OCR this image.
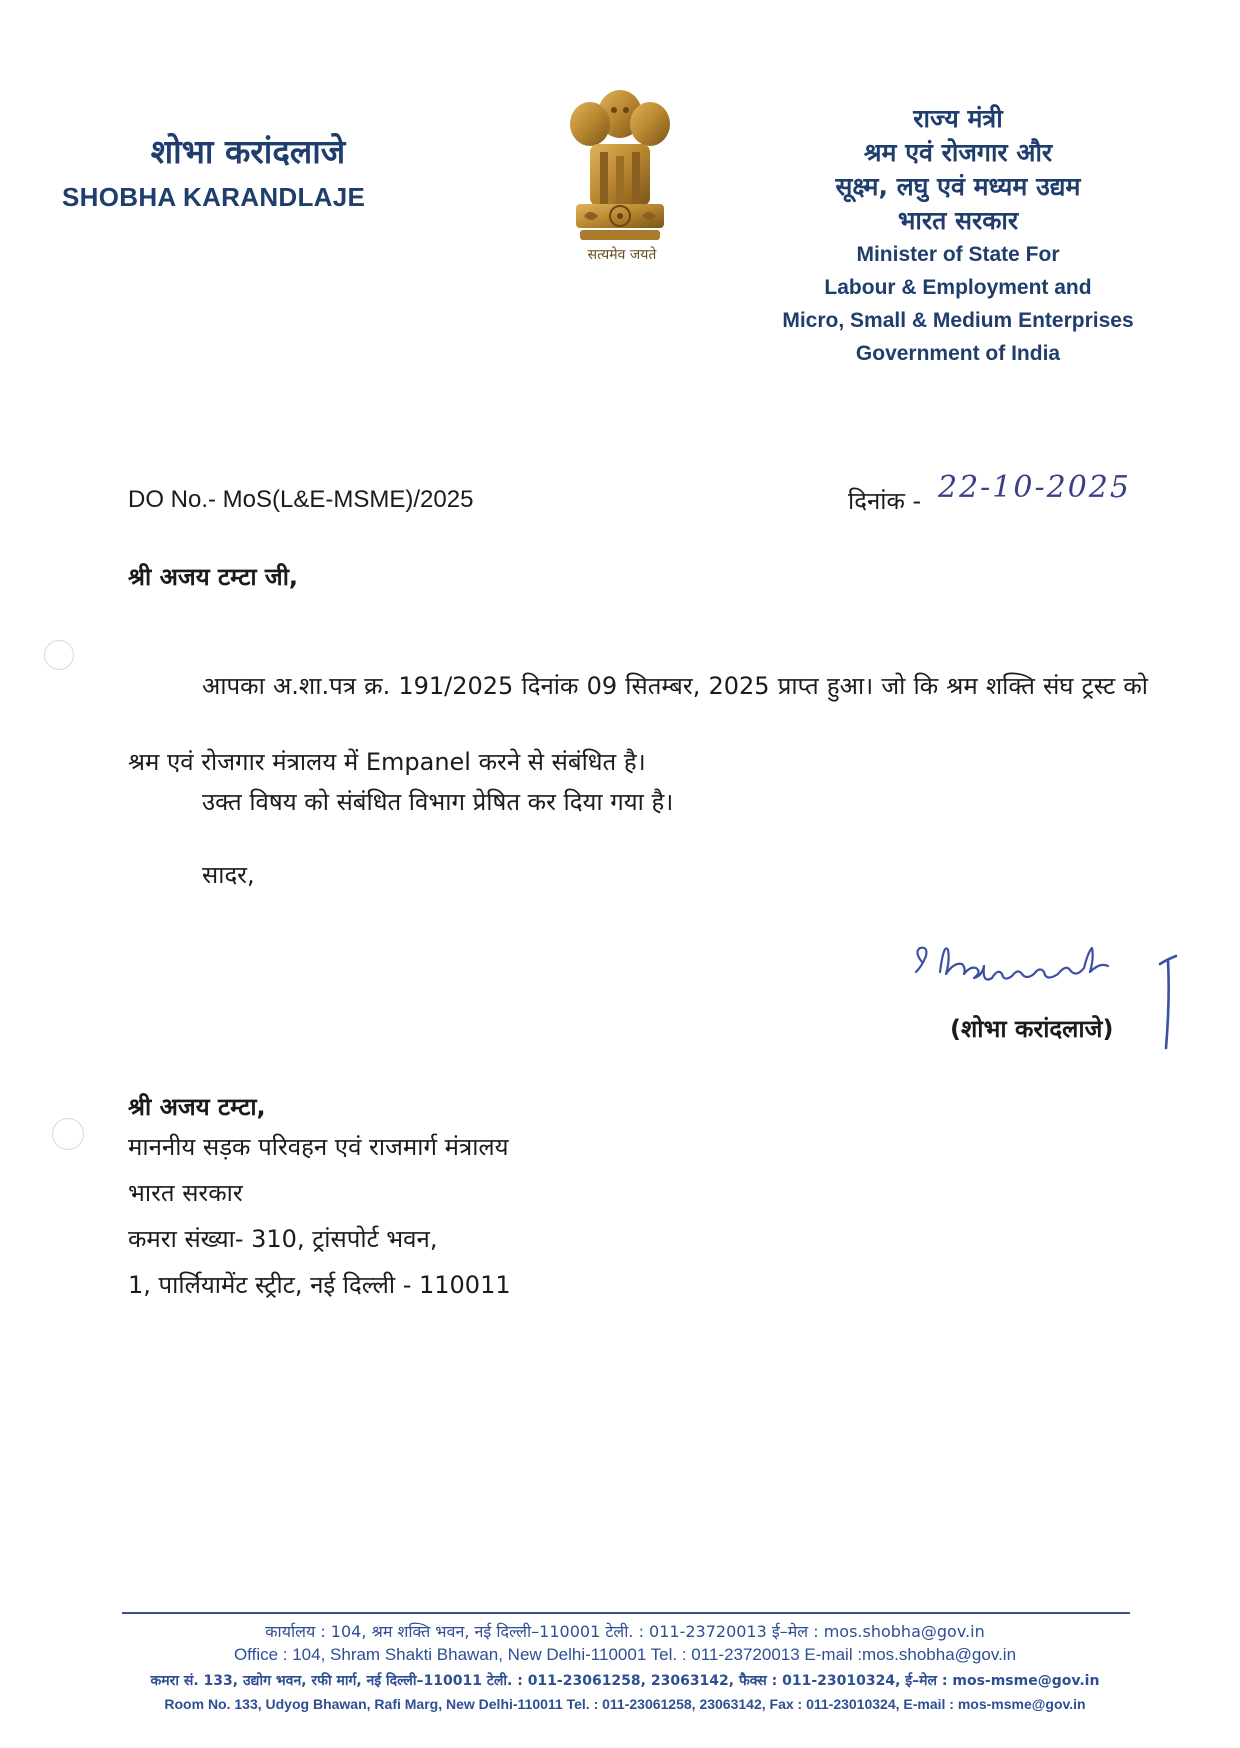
शोभा करांदलाजे
SHOBHA KARANDLAJE
सत्यमेव जयते
राज्य मंत्री
श्रम एवं रोजगार और
सूक्ष्म, लघु एवं मध्यम उद्यम
भारत सरकार
Minister of State For
Labour & Employment and
Micro, Small & Medium Enterprises
Government of India
DO No.- MoS(L&E-MSME)/2025	दिनांक - 22-10-2025
श्री अजय टम्टा जी,
आपका अ.शा.पत्र क्र. 191/2025 दिनांक 09 सितम्बर, 2025 प्राप्त हुआ। जो कि श्रम शक्ति संघ ट्रस्ट को श्रम एवं रोजगार मंत्रालय में Empanel करने से संबंधित है।
उक्त विषय को संबंधित विभाग प्रेषित कर दिया गया है।
सादर,
(शोभा करांदलाजे)
श्री अजय टम्टा,
माननीय सड़क परिवहन एवं राजमार्ग मंत्रालय
भारत सरकार
कमरा संख्या- 310, ट्रांसपोर्ट भवन,
1, पार्लियामेंट स्ट्रीट, नई दिल्ली - 110011
कार्यालय : 104, श्रम शक्ति भवन, नई दिल्ली–110001 टेली. : 011-23720013 ई–मेल : mos.shobha@gov.in
Office : 104, Shram Shakti Bhawan, New Delhi-110001 Tel. : 011-23720013 E-mail :mos.shobha@gov.in
कमरा सं. 133, उद्योग भवन, रफी मार्ग, नई दिल्ली–110011 टेली. : 011-23061258, 23063142, फैक्स : 011-23010324, ई–मेल : mos-msme@gov.in
Room No. 133, Udyog Bhawan, Rafi Marg, New Delhi-110011 Tel. : 011-23061258, 23063142, Fax : 011-23010324, E-mail : mos-msme@gov.in
